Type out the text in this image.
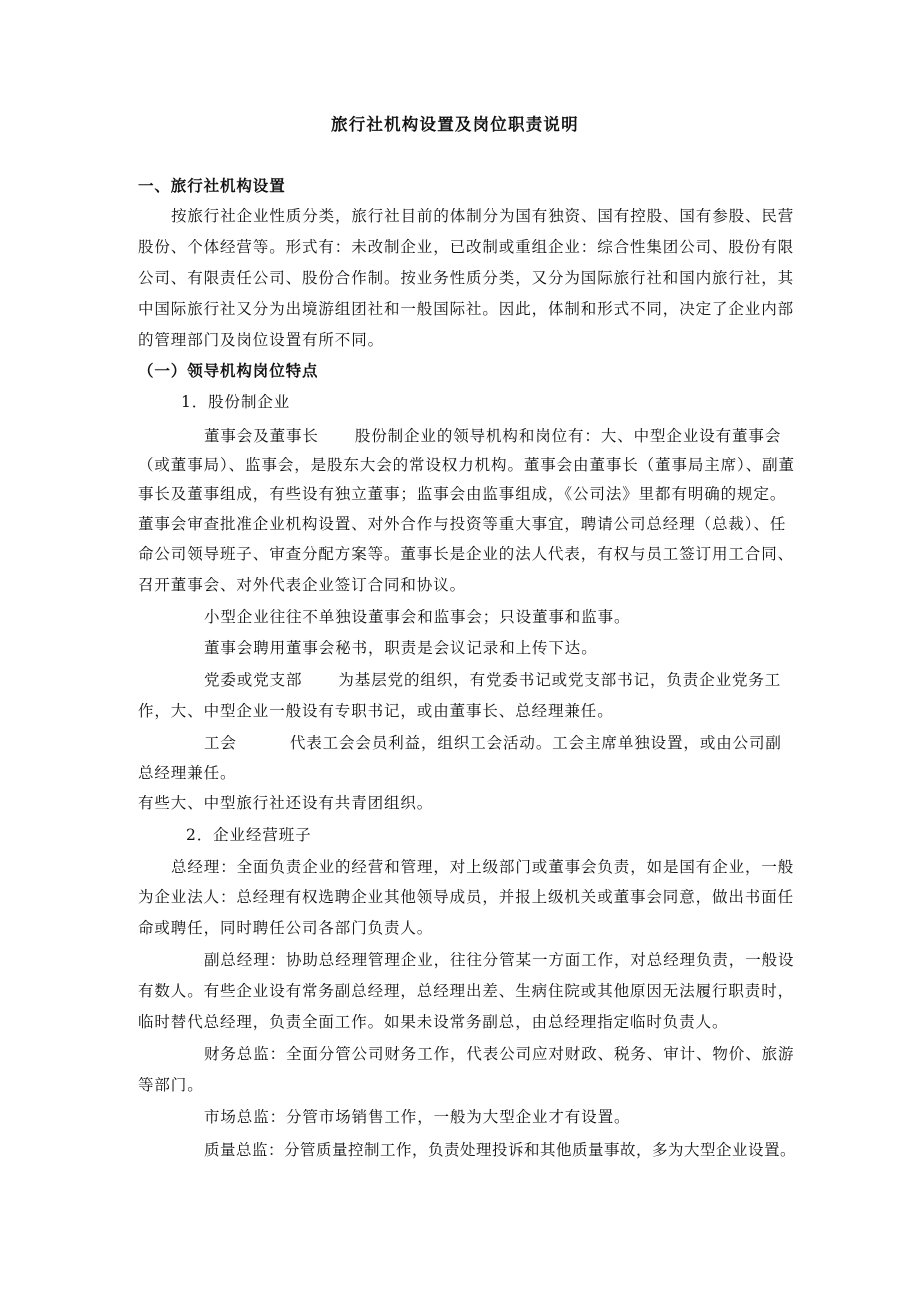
旅行社机构设置及岗位职责说明
一、旅行社机构设置
按旅行社企业性质分类，旅行社目前的体制分为国有独资、国有控股、国有参股、民营
股份、个体经营等。形式有：未改制企业，已改制或重组企业：综合性集团公司、股份有限
公司、有限责任公司、股份合作制。按业务性质分类，又分为国际旅行社和国内旅行社，其
中国际旅行社又分为出境游组团社和一般国际社。因此，体制和形式不同，决定了企业内部
的管理部门及岗位设置有所不同。
（一）领导机构岗位特点
1．股份制企业
董事会及董事长 股份制企业的领导机构和岗位有：大、中型企业设有董事会
（或董事局）、监事会，是股东大会的常设权力机构。董事会由董事长（董事局主席）、副董
事长及董事组成，有些设有独立董事；监事会由监事组成，《公司法》里都有明确的规定。
董事会审查批准企业机构设置、对外合作与投资等重大事宜，聘请公司总经理（总裁）、任
命公司领导班子、审查分配方案等。董事长是企业的法人代表，有权与员工签订用工合同、
召开董事会、对外代表企业签订合同和协议。
小型企业往往不单独设董事会和监事会；只设董事和监事。
董事会聘用董事会秘书，职责是会议记录和上传下达。
党委或党支部 为基层党的组织，有党委书记或党支部书记，负责企业党务工
作，大、中型企业一般设有专职书记，或由董事长、总经理兼任。
工会	代表工会会员利益，组织工会活动。工会主席单独设置，或由公司副
总经理兼任。
有些大、中型旅行社还设有共青团组织。
2．企业经营班子
总经理：全面负责企业的经营和管理，对上级部门或董事会负责，如是国有企业，一般
为企业法人：总经理有权选聘企业其他领导成员，并报上级机关或董事会同意，做出书面任
命或聘任，同时聘任公司各部门负责人。
副总经理：协助总经理管理企业，往往分管某一方面工作，对总经理负责，一般设
有数人。有些企业设有常务副总经理，总经理出差、生病住院或其他原因无法履行职责时，
临时替代总经理，负责全面工作。如果未设常务副总，由总经理指定临时负责人。
财务总监：全面分管公司财务工作，代表公司应对财政、税务、审计、物价、旅游
等部门。
市场总监：分管市场销售工作，一般为大型企业才有设置。
质量总监：分管质量控制工作，负责处理投诉和其他质量事故，多为大型企业设置。
